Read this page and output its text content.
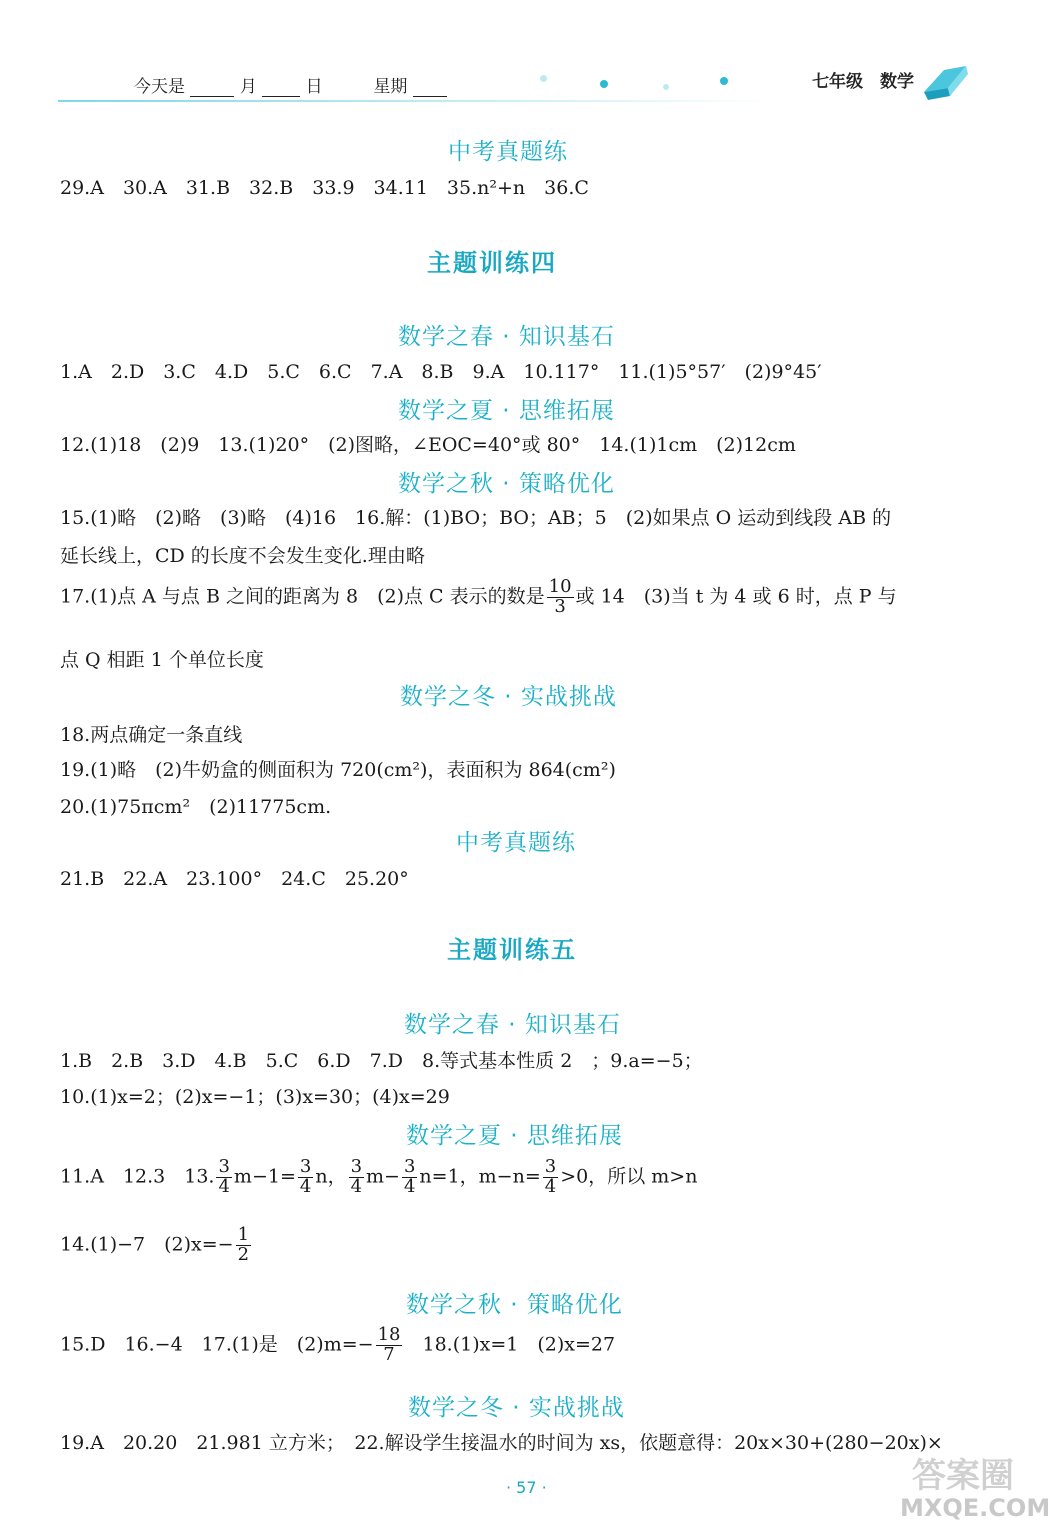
今天是	月	日	星期	七年级 数学
中考真题练
29.A　30.A　31.B　32.B　33.9　34.11　35.n²+n　36.C
主题训练四
数学之春 · 知识基石
1.A　2.D　3.C　4.D　5.C　6.C　7.A　8.B　9.A　10.117°　11.(1)5°57′　(2)9°45′
数学之夏 · 思维拓展
12.(1)18　(2)9　13.(1)20°　(2)图略，∠EOC=40°或 80°　14.(1)1cm　(2)12cm
数学之秋 · 策略优化
15.(1)略　(2)略　(3)略　(4)16　16.解：(1)BO；BO；AB；5　(2)如果点 O 运动到线段 AB 的
延长线上，CD 的长度不会发生变化.理由略
17.(1)点 A 与点 B 之间的距离为 8　(2)点 C 表示的数是 $\frac{10}{3}$ 或 14　(3)当 t 为 4 或 6 时，点 P 与
点 Q 相距 1 个单位长度
数学之冬 · 实战挑战
18.两点确定一条直线
19.(1)略　(2)牛奶盒的侧面积为 720(cm²)，表面积为 864(cm²)
20.(1)75πcm²　(2)11775cm.
中考真题练
21.B　22.A　23.100°　24.C　25.20°
主题训练五
数学之春 · 知识基石
1.B　2.B　3.D　4.B　5.C　6.D　7.D　8.等式基本性质 2　；9.a=−5；
10.(1)x=2；(2)x=−1；(3)x=30；(4)x=29
数学之夏 · 思维拓展
11.A　12.3　13. $\frac{3}{4} m-1= \frac{3}{4}$ n， $\frac{3}{4} m- \frac{3}{4} n=1$，$m-n= \frac{3}{4} >0$，所以 m>n
14.(1)−7　$(2)x=- \frac{1}{2}$
数学之秋 · 策略优化
15.D　16.−4　17.(1)是　$(2)m=- \frac{18}{7} 18.(1)x=1$　(2)x=27
数学之冬 · 实战挑战
19.A　20.20　21.981 立方米；　22.解设学生接温水的时间为 xs，依题意得：20x×30+(280−20x)×
· 57 ·	答案圈
MXQE.COM
